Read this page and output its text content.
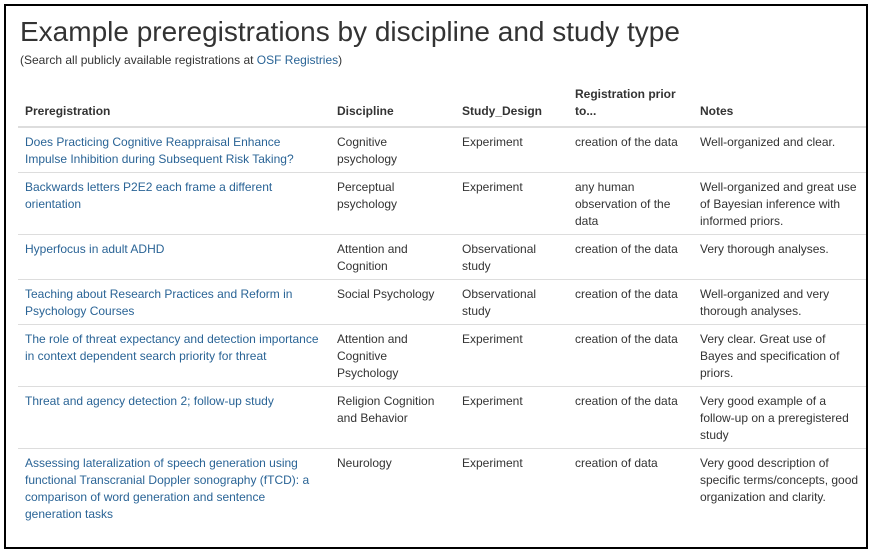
Example preregistrations by discipline and study type
(Search all publicly available registrations at OSF Registries)
Preregistration	Discipline	Study_Design	Registration prior to...	Notes
Does Practicing Cognitive Reappraisal Enhance Impulse Inhibition during Subsequent Risk Taking?	Cognitive psychology	Experiment	creation of the data	Well-organized and clear.
Backwards letters P2E2 each frame a different orientation	Perceptual psychology	Experiment	any human observation of the data	Well-organized and great use of Bayesian inference with informed priors.
Hyperfocus in adult ADHD	Attention and Cognition	Observational study	creation of the data	Very thorough analyses.
Teaching about Research Practices and Reform in Psychology Courses	Social Psychology	Observational study	creation of the data	Well-organized and very thorough analyses.
The role of threat expectancy and detection importance in context dependent search priority for threat	Attention and Cognitive Psychology	Experiment	creation of the data	Very clear. Great use of Bayes and specification of priors.
Threat and agency detection 2; follow-up study	Religion Cognition and Behavior	Experiment	creation of the data	Very good example of a follow-up on a preregistered study
Assessing lateralization of speech generation using functional Transcranial Doppler sonography (fTCD): a comparison of word generation and sentence generation tasks	Neurology	Experiment	creation of data	Very good description of specific terms/concepts, good organization and clarity.
